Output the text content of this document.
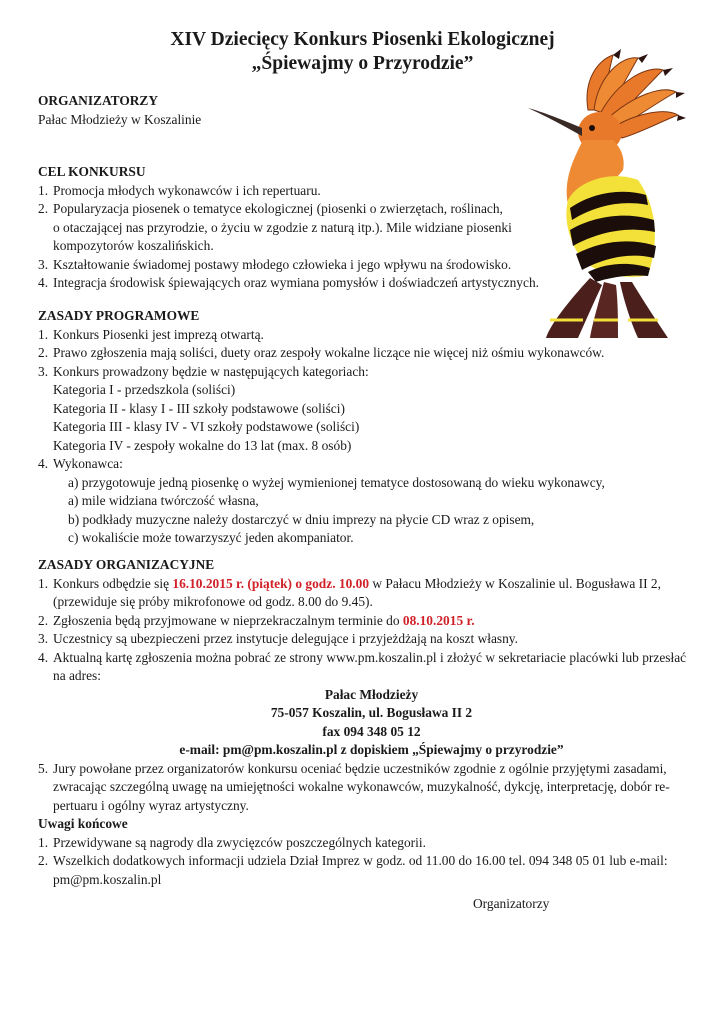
XIV Dziecięcy Konkurs Piosenki Ekologicznej
„Śpiewajmy o Przyrodzie”
ORGANIZATORZY
Pałac Młodzieży w Koszalinie
CEL KONKURSU
1. Promocja młodych wykonawców i ich repertuaru.
2. Popularyzacja piosenek o tematyce ekologicznej (piosenki o zwierzętach, roślinach,
o otaczającej nas przyrodzie, o życiu w zgodzie z naturą itp.). Mile widziane piosenki
kompozytorów koszalińskich.
3. Kształtowanie świadomej postawy młodego człowieka i jego wpływu na środowisko.
4. Integracja środowisk śpiewających oraz wymiana pomysłów i doświadczeń artystycznych.
ZASADY PROGRAMOWE
1. Konkurs Piosenki jest imprezą otwartą.
2. Prawo zgłoszenia mają soliści, duety oraz zespoły wokalne liczące nie więcej niż ośmiu wykonawców.
3. Konkurs prowadzony będzie w następujących kategoriach:
Kategoria I - przedszkola (soliści)
Kategoria II - klasy I - III szkoły podstawowe (soliści)
Kategoria III - klasy IV - VI szkoły podstawowe (soliści)
Kategoria IV - zespoły wokalne do 13 lat (max. 8 osób)
4. Wykonawca:
a) przygotowuje jedną piosenkę o wyżej wymienionej tematyce dostosowaną do wieku wykonawcy,
a) mile widziana twórczość własna,
b) podkłady muzyczne należy dostarczyć w dniu imprezy na płycie CD wraz z opisem,
c) wokaliście może towarzyszyć jeden akompaniator.
ZASADY ORGANIZACYJNE
1. Konkurs odbędzie się 16.10.2015 r. (piątek) o godz. 10.00 w Pałacu Młodzieży w Koszalinie ul. Bogusława II 2,
(przewiduje się próby mikrofonowe od godz. 8.00 do 9.45).
2. Zgłoszenia będą przyjmowane w nieprzekraczalnym terminie do 08.10.2015 r.
3. Uczestnicy są ubezpieczeni przez instytucje delegujące i przyjeżdżają na koszt własny.
4. Aktualną kartę zgłoszenia można pobrać ze strony www.pm.koszalin.pl i złożyć w sekretariacie placówki lub przesłać
na adres:
Pałac Młodzieży
75-057 Koszalin, ul. Bogusława II 2
fax 094 348 05 12
e-mail: pm@pm.koszalin.pl z dopiskiem „Śpiewajmy o przyrodzie”
5. Jury powołane przez organizatorów konkursu oceniać będzie uczestników zgodnie z ogólnie przyjętymi zasadami,
zwracając szczególną uwagę na umiejętności wokalne wykonawców, muzykalność, dykcję, interpretację, dobór re-
pertuaru i ogólny wyraz artystyczny.
Uwagi końcowe
1. Przewidywane są nagrody dla zwycięzców poszczególnych kategorii.
2. Wszelkich dodatkowych informacji udziela Dział Imprez w godz. od 11.00 do 16.00 tel. 094 348 05 01 lub e-mail:
pm@pm.koszalin.pl
Organizatorzy
